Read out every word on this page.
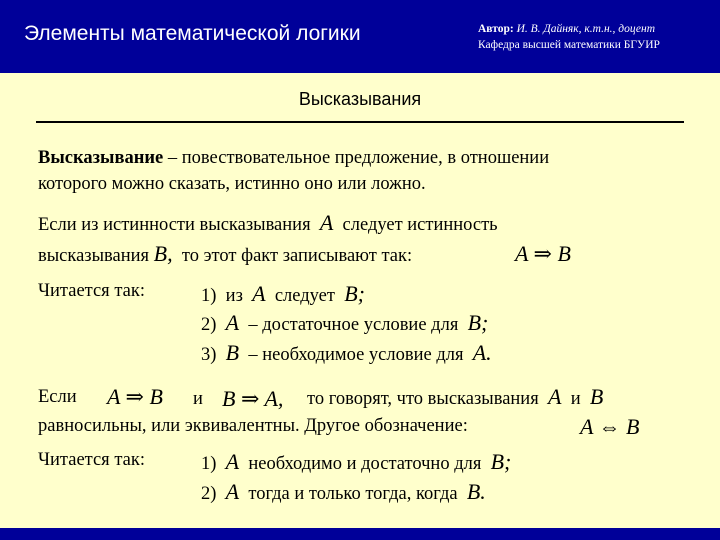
Элементы математической логики	Автор: И. В. Дайняк, к.т.н., доцент
Кафедра высшей математики БГУИР
Высказывания
Высказывание – повествовательное предложение, в отношении
которого можно сказать, истинно оно или ложно.
Если из истинности высказывания A следует истинность
высказывания B, то этот факт записывают так:	A ⇒ B
Читается так:	1) из A следует B;
2) A – достаточное условие для B;
3) B – необходимое условие для A.
Если A ⇒ B и B ⇒ A, то говорят, что высказывания A и B
равносильны, или эквивалентны. Другое обозначение:	A ⇔ B
Читается так:	1) A необходимо и достаточно для B;
2) A тогда и только тогда, когда B.
